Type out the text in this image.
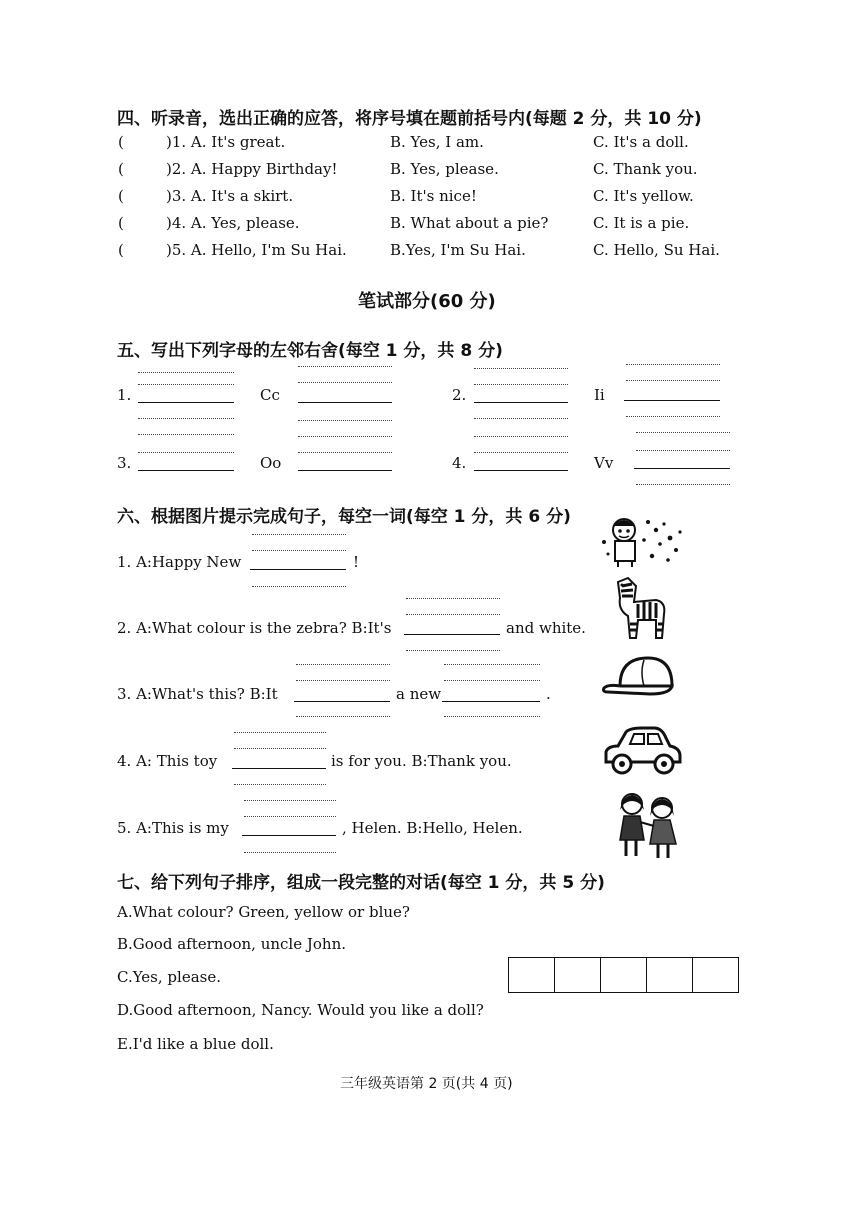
四、听录音，选出正确的应答，将序号填在题前括号内(每题 2 分，共 10 分)
(	)1. A. It's great.	B. Yes, I am.	C. It's a doll.
(	)2. A. Happy Birthday!	B. Yes, please.	C. Thank you.
(	)3. A. It's a skirt.	B. It's nice!	C. It's yellow.
(	)4. A. Yes, please.	B. What about a pie?	C. It is a pie.
(	)5. A. Hello, I'm Su Hai.	B.Yes, I'm Su Hai.	C. Hello, Su Hai.
笔试部分(60 分)
五、写出下列字母的左邻右舍(每空 1 分，共 8 分)
1.	Cc	2.	Ii
3.	Oo	4.	Vv
六、根据图片提示完成句子，每空一词(每空 1 分，共 6 分)
1. A:Happy New	!
2. A:What colour is the zebra? B:It's	and white.
3. A:What's this? B:It	a new	.
4. A: This toy	is for you. B:Thank you.
5. A:This is my	, Helen. B:Hello, Helen.
七、给下列句子排序，组成一段完整的对话(每空 1 分，共 5 分)
A.What colour? Green, yellow or blue?
B.Good afternoon, uncle John.
C.Yes, please.
D.Good afternoon, Nancy. Would you like a doll?
E.I'd like a blue doll.
三年级英语第 2 页(共 4 页)
